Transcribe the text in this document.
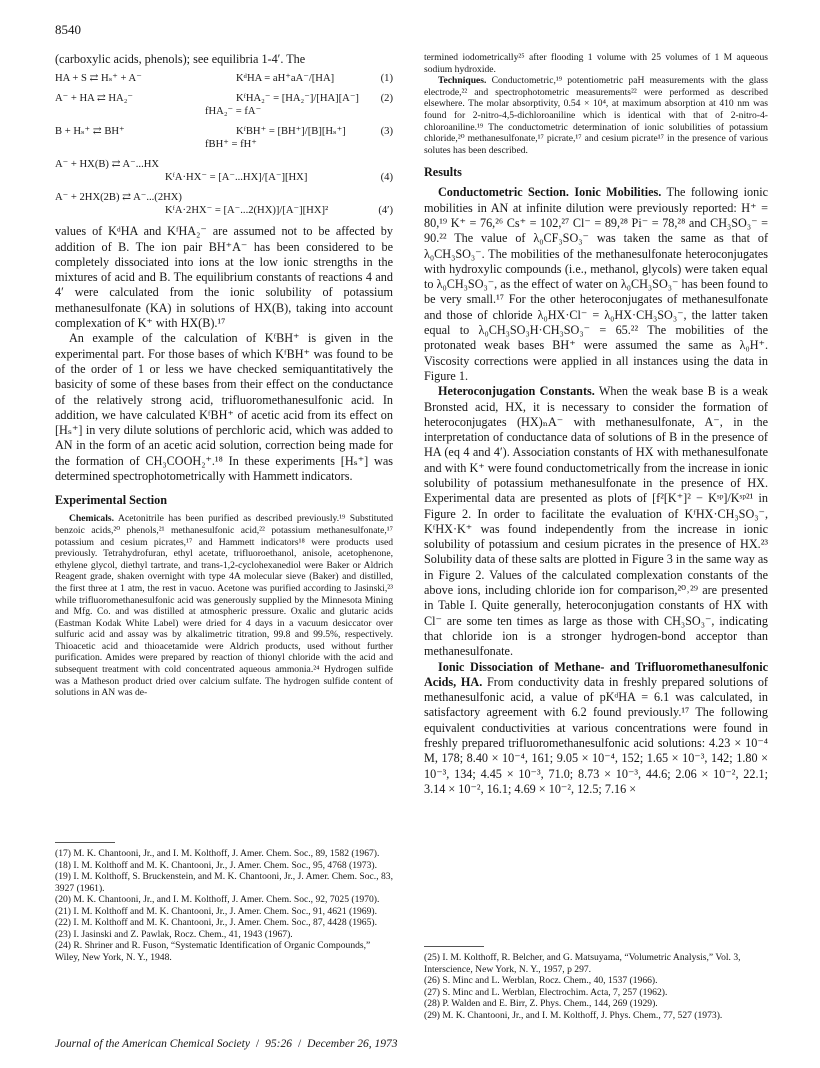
8540

(carboxylic acids, phenols); see equilibria 1-4′. The

HA + S ⇄ Hₛ⁺ + A⁻	KᵈHA = aH⁺aA⁻/[HA]	(1)
A⁻ + HA ⇄ HA₂⁻	KᶠHA₂⁻ = [HA₂⁻]/[HA][A⁻]	(2)
fHA₂⁻ = fA⁻
B + Hₛ⁺ ⇄ BH⁺	KᶠBH⁺ = [BH⁺]/[B][Hₛ⁺]	(3)
fBH⁺ = fH⁺
A⁻ + HX(B) ⇄ A⁻...HX
KᶠA·HX⁻ = [A⁻...HX]/[A⁻][HX]	(4)
A⁻ + 2HX(2B) ⇄ A⁻...(2HX)
KᶠA·2HX⁻ = [A⁻...2(HX)]/[A⁻][HX]²	(4′)

values of KᵈHA and KᶠHA₂⁻ are assumed not to be affected by addition of B. The ion pair BH⁺A⁻ has been considered to be completely dissociated into ions at the low ionic strengths in the mixtures of acid and B. The equilibrium constants of reactions 4 and 4′ were calculated from the ionic solubility of potassium methanesulfonate (KA) in solutions of HX(B), taking into account complexation of K⁺ with HX(B).¹⁷

An example of the calculation of KᶠBH⁺ is given in the experimental part. For those bases of which KᶠBH⁺ was found to be of the order of 1 or less we have checked semiquantitatively the basicity of some of these bases from their effect on the conductance of the relatively strong acid, trifluoromethanesulfonic acid. In addition, we have calculated KᶠBH⁺ of acetic acid from its effect on [Hₛ⁺] in very dilute solutions of perchloric acid, which was added to AN in the form of an acetic acid solution, correction being made for the formation of CH₃COOH₂⁺.¹⁸ In these experiments [Hₛ⁺] was determined spectrophotometrically with Hammett indicators.

Experimental Section

Chemicals. Acetonitrile has been purified as described previously.¹⁹ Substituted benzoic acids,²⁰ phenols,²¹ methanesulfonic acid,²² potassium methanesulfonate,¹⁷ potassium and cesium picrates,¹⁷ and Hammett indicators¹⁸ were products used previously. Tetrahydrofuran, ethyl acetate, trifluoroethanol, anisole, acetophenone, ethylene glycol, diethyl tartrate, and trans-1,2-cyclohexanediol were Baker or Aldrich Reagent grade, shaken overnight with type 4A molecular sieve (Baker) and distilled, the first three at 1 atm, the rest in vacuo. Acetone was purified according to Jasinski,²³ while trifluoromethanesulfonic acid was generously supplied by the Minnesota Mining and Mfg. Co. and was distilled at atmospheric pressure. Oxalic and glutaric acids (Eastman Kodak White Label) were dried for 4 days in a vacuum desiccator over sulfuric acid and assay was by alkalimetric titration, 99.8 and 99.5%, respectively. Thioacetic acid and thioacetamide were Aldrich products, used without further purification. Amides were prepared by reaction of thionyl chloride with the acid and subsequent treatment with cold concentrated aqueous ammonia.²⁴ Hydrogen sulfide was a Matheson product dried over calcium sulfate. The hydrogen sulfide content of solutions in AN was de-

termined iodometrically²⁵ after flooding 1 volume with 25 volumes of 1 M aqueous sodium hydroxide.

Techniques. Conductometric,¹⁹ potentiometric paH measurements with the glass electrode,²² and spectrophotometric measurements²² were performed as described elsewhere. The molar absorptivity, 0.54 × 10⁴, at maximum absorption at 410 nm was found for 2-nitro-4,5-dichloroaniline which is identical with that of 2-nitro-4-chloroaniline.¹⁹ The conductometric determination of ionic solubilities of potassium chloride,²⁰ methanesulfonate,¹⁷ picrate,¹⁷ and cesium picrate¹⁷ in the presence of various solutes has been described.

Results

Conductometric Section. Ionic Mobilities. The following ionic mobilities in AN at infinite dilution were previously reported: H⁺ = 80,¹⁹ K⁺ = 76,²⁶ Cs⁺ = 102,²⁷ Cl⁻ = 89,²⁸ Pi⁻ = 78,²⁸ and CH₃SO₃⁻ = 90.²² The value of λ₀CF₃SO₃⁻ was taken the same as that of λ₀CH₃SO₃⁻. The mobilities of the methanesulfonate heteroconjugates with hydroxylic compounds (i.e., methanol, glycols) were taken equal to λ₀CH₃SO₃⁻, as the effect of water on λ₀CH₃SO₃⁻ has been found to be very small.¹⁷ For the other heteroconjugates of methanesulfonate and those of chloride λ₀HX·Cl⁻ = λ₀HX·CH₃SO₃⁻, the latter taken equal to λ₀CH₃SO₃H·CH₃SO₃⁻ = 65.²² The mobilities of the protonated weak bases BH⁺ were assumed the same as λ₀H⁺. Viscosity corrections were applied in all instances using the data in Figure 1.

Heteroconjugation Constants. When the weak base B is a weak Bronsted acid, HX, it is necessary to consider the formation of heteroconjugates (HX)ₙA⁻ with methanesulfonate, A⁻, in the interpretation of conductance data of solutions of B in the presence of HA (eq 4 and 4′). Association constants of HX with methanesulfonate and with K⁺ were found conductometrically from the increase in ionic solubility of potassium methanesulfonate in the presence of HX. Experimental data are presented as plots of [f²[K⁺]² − Kˢᵖ]/Kˢᵖ²¹ in Figure 2. In order to facilitate the evaluation of KᶠHX·CH₃SO₃⁻, KᶠHX·K⁺ was found independently from the increase in ionic solubility of potassium and cesium picrates in the presence of HX.²³ Solubility data of these salts are plotted in Figure 3 in the same way as in Figure 2. Values of the calculated complexation constants of the above ions, including chloride ion for comparison,²⁰˒²⁹ are presented in Table I. Quite generally, heteroconjugation constants of HX with Cl⁻ are some ten times as large as those with CH₃SO₃⁻, indicating that chloride ion is a stronger hydrogen-bond acceptor than methanesulfonate.

Ionic Dissociation of Methane- and Trifluoromethanesulfonic Acids, HA. From conductivity data in freshly prepared solutions of methanesulfonic acid, a value of pKᵈHA = 6.1 was calculated, in satisfactory agreement with 6.2 found previously.¹⁷ The following equivalent conductivities at various concentrations were found in freshly prepared trifluoromethanesulfonic acid solutions: 4.23 × 10⁻⁴ M, 178; 8.40 × 10⁻⁴, 161; 9.05 × 10⁻⁴, 152; 1.65 × 10⁻³, 142; 1.80 × 10⁻³, 134; 4.45 × 10⁻³, 71.0; 8.73 × 10⁻³, 44.6; 2.06 × 10⁻², 22.1; 3.14 × 10⁻², 16.1; 4.69 × 10⁻², 12.5; 7.16 ×

(17) M. K. Chantooni, Jr., and I. M. Kolthoff, J. Amer. Chem. Soc., 89, 1582 (1967).

(18) I. M. Kolthoff and M. K. Chantooni, Jr., J. Amer. Chem. Soc., 95, 4768 (1973).

(19) I. M. Kolthoff, S. Bruckenstein, and M. K. Chantooni, Jr., J. Amer. Chem. Soc., 83, 3927 (1961).

(20) M. K. Chantooni, Jr., and I. M. Kolthoff, J. Amer. Chem. Soc., 92, 7025 (1970).

(21) I. M. Kolthoff and M. K. Chantooni, Jr., J. Amer. Chem. Soc., 91, 4621 (1969).

(22) I. M. Kolthoff and M. K. Chantooni, Jr., J. Amer. Chem. Soc., 87, 4428 (1965).

(23) I. Jasinski and Z. Pawlak, Rocz. Chem., 41, 1943 (1967).

(24) R. Shriner and R. Fuson, “Systematic Identification of Organic Compounds,” Wiley, New York, N. Y., 1948.	(25) I. M. Kolthoff, R. Belcher, and G. Matsuyama, “Volumetric Analysis,” Vol. 3, Interscience, New York, N. Y., 1957, p 297.

(26) S. Minc and L. Werblan, Rocz. Chem., 40, 1537 (1966).

(27) S. Minc and L. Werblan, Electrochim. Acta, 7, 257 (1962).

(28) P. Walden and E. Birr, Z. Phys. Chem., 144, 269 (1929).

(29) M. K. Chantooni, Jr., and I. M. Kolthoff, J. Phys. Chem., 77, 527 (1973).

Journal of the American Chemical Society / 95:26 / December 26, 1973
